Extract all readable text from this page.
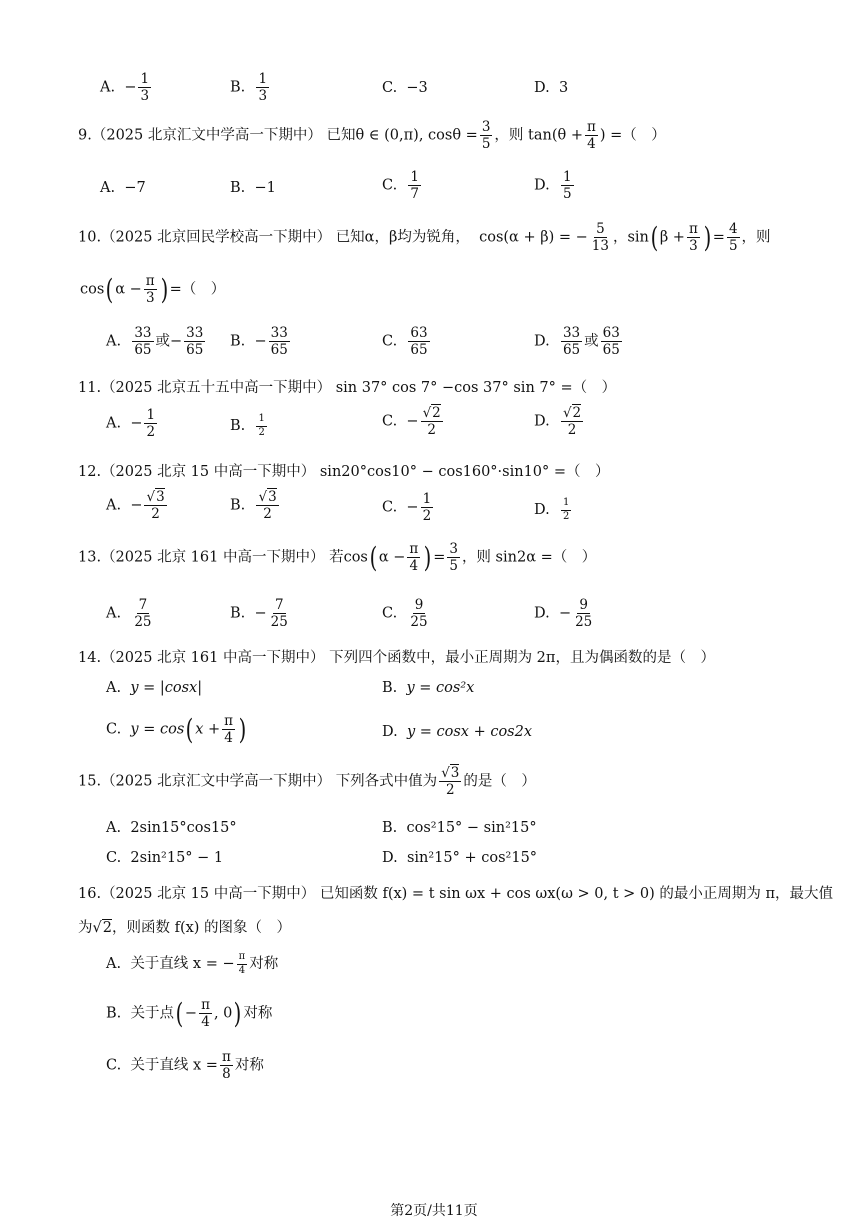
A. − $\frac{1}{3}$	B. $\frac{1}{3}$	C. −3	D. 3
9.（2025 北京汇文中学高一下期中） 已知θ ∈ (0,π), $\cos\theta = \frac{3}{5}$ ，则 $\tan(\theta + \frac{\pi}{4}$ ) =（　）
A. −7	B. −1	C. $\frac{1}{7}$	D. $\frac{1}{5}$
10.（2025 北京回民学校高一下期中） 已知α，β均为锐角， cos(α + β) = − $\frac{5}{13}$ ，sin( $\beta + \frac{\pi}{3}$ ) = $\frac{4}{5}$ ，则
cos( $\alpha - \frac{\pi}{3}$ ) =（　）
A. $\frac{33}{65}$ 或− $\frac{33}{65} B$. − $\frac{33}{65}$	C. $\frac{63}{65}$	D. $\frac{33}{65}$ 或 $\frac{63}{65}$
11.（2025 北京五十五中高一下期中） sin 37° cos 7° −cos 37° sin 7° =（　）
A. − $\frac{1}{2}$	B. $\frac{1}{2}$	C. − $\frac{√2}{2}$	D. $\frac{√2}{2}$
12.（2025 北京 15 中高一下期中） sin20°cos10° − cos160°·sin10° =（　）
A. − $\frac{√3}{2}$	B. $\frac{√3}{2}$	C. − $\frac{1}{2}$	D. $\frac{1}{2}$
13.（2025 北京 161 中高一下期中） 若cos( $\alpha - \frac{\pi}{4}$ ) = $\frac{3}{5}$ ，则 sin2α =（　）
A. $\frac{7}{25}$	B. − $\frac{7}{25}$	C. $\frac{9}{25}$	D. − $\frac{9}{25}$
14.（2025 北京 161 中高一下期中） 下列四个函数中，最小正周期为 2π，且为偶函数的是（　）
A. y = |cosx|	B. y = cos²x
C. y = cos( $x + \frac{\pi}{4}$ )	D. y = cosx + cos2x
15.（2025 北京汇文中学高一下期中） 下列各式中值为 $\frac{√3}{2}$ 的是（　）
A. 2sin15°cos15°	B. cos²15° − sin²15°
C. 2sin²15° − 1	D. sin²15° + cos²15°
16.（2025 北京 15 中高一下期中） 已知函数 f(x) = t sin ωx + cos ωx(ω > 0, t > 0) 的最小正周期为 π，最大值
为√2，则函数 f(x) 的图象（　）
A. 关于直线 x = − $\frac{\pi}{4}$ 对称
B. 关于点( − $\frac{\pi}{4}$ , 0) 对称
C. 关于直线 $x = \frac{\pi}{8}$ 对称
第2页/共11页
